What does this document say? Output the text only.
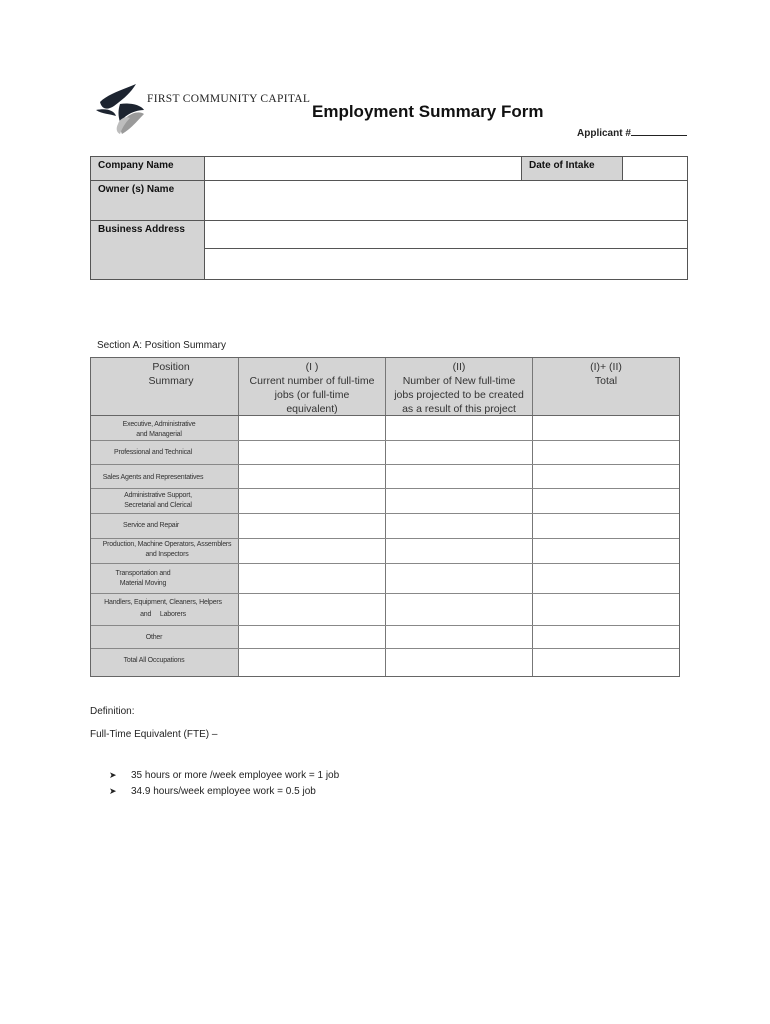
FIRST COMMUNITY CAPITAL
Employment Summary Form
Applicant #
Company Name	Date of Intake
Owner (s) Name
Business Address
Section A: Position Summary
Position
Summary
(I )
Current number of full-time
jobs (or full-time
equivalent)
(II)
Number of New full-time
jobs projected to be created
as a result of this project
(I)+ (II)
Total
Executive, Administrative
and Managerial
Professional and Technical
Sales Agents and Representatives
Administrative Support,
Secretarial and Clerical
Service and Repair
Production, Machine Operators, Assemblers
and Inspectors
Transportation and
Material Moving
Handlers, Equipment, Cleaners, Helpers
and     Laborers
Other
Total All Occupations
Definition:
Full-Time Equivalent (FTE) –
➤ 35 hours or more /week employee work = 1 job
➤ 34.9 hours/week employee work = 0.5 job
